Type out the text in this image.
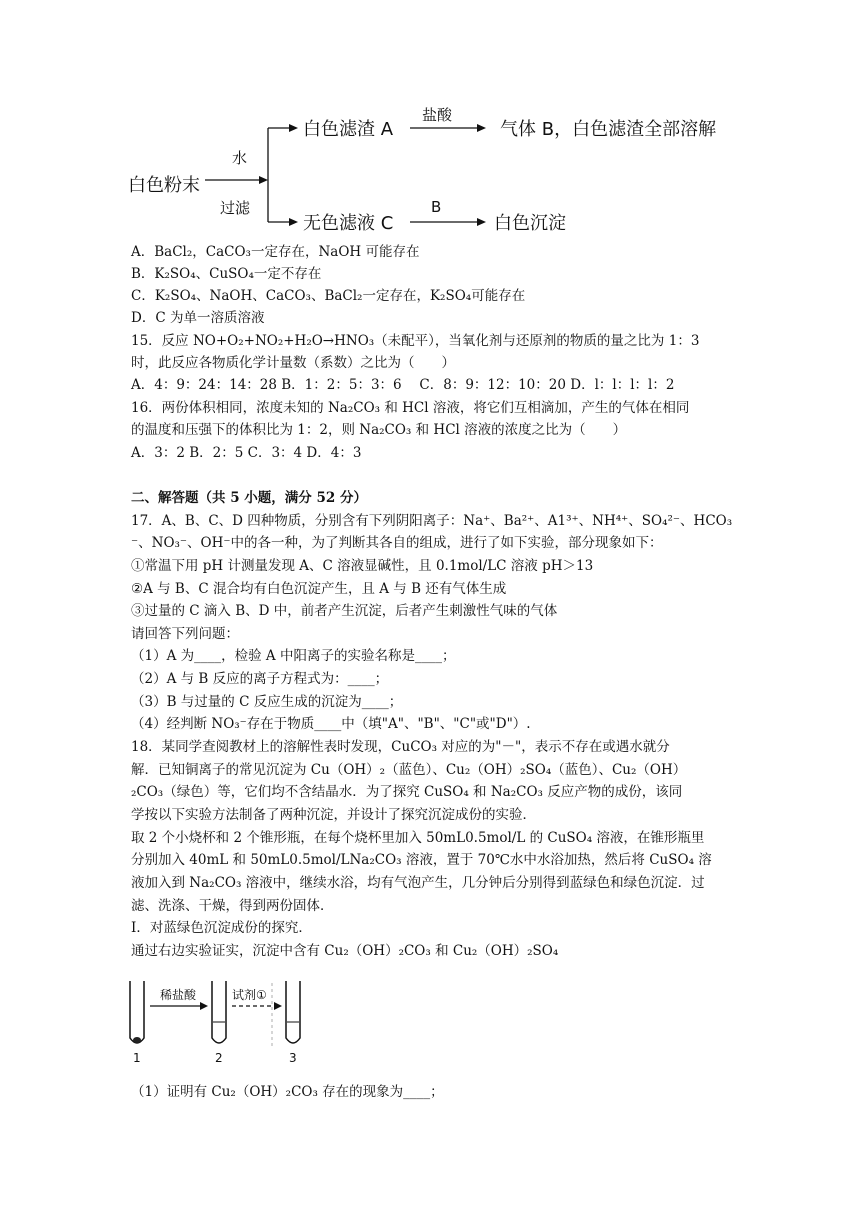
白色粉末
水
过滤
白色滤渣 A
盐酸
气体 B，白色滤渣全部溶解
无色滤液 C
B
白色沉淀
A．BaCl₂，CaCO₃一定存在，NaOH 可能存在
B．K₂SO₄、CuSO₄一定不存在
C．K₂SO₄、NaOH、CaCO₃、BaCl₂一定存在，K₂SO₄可能存在
D．C 为单一溶质溶液
15．反应 NO+O₂+NO₂+H₂O→HNO₃（未配平），当氧化剂与还原剂的物质的量之比为 1：3
时，此反应各物质化学计量数（系数）之比为（　　）
A．4：9：24：14：28 B．1：2：5：3：6　 C．8：9：12：10：20 D．l：l：l：l：2
16．两份体积相同，浓度未知的 Na₂CO₃ 和 HCl 溶液，将它们互相滴加，产生的气体在相同
的温度和压强下的体积比为 1：2，则 Na₂CO₃ 和 HCl 溶液的浓度之比为（　　）
A．3：2 B．2：5 C．3：4 D．4：3
二、解答题（共 5 小题，满分 52 分）
17．A、B、C、D 四种物质，分别含有下列阴阳离子：Na⁺、Ba²⁺、A1³⁺、NH⁴⁺、SO₄²⁻、HCO₃
⁻、NO₃⁻、OH⁻中的各一种，为了判断其各自的组成，进行了如下实验，部分现象如下：
①常温下用 pH 计测量发现 A、C 溶液显碱性，且 0.1mol/LC 溶液 pH＞13
②A 与 B、C 混合均有白色沉淀产生，且 A 与 B 还有气体生成
③过量的 C 滴入 B、D 中，前者产生沉淀，后者产生刺激性气味的气体
请回答下列问题：
（1）A 为____，检验 A 中阳离子的实验名称是____；
（2）A 与 B 反应的离子方程式为：____；
（3）B 与过量的 C 反应生成的沉淀为____；
（4）经判断 NO₃⁻存在于物质____中（填"A"、"B"、"C"或"D"）.
18．某同学查阅教材上的溶解性表时发现，CuCO₃ 对应的为"－"，表示不存在或遇水就分
解．已知铜离子的常见沉淀为 Cu（OH）₂（蓝色）、Cu₂（OH）₂SO₄（蓝色）、Cu₂（OH）
₂CO₃（绿色）等，它们均不含结晶水．为了探究 CuSO₄ 和 Na₂CO₃ 反应产物的成份，该同
学按以下实验方法制备了两种沉淀，并设计了探究沉淀成份的实验．
取 2 个小烧杯和 2 个锥形瓶，在每个烧杯里加入 50mL0.5mol/L 的 CuSO₄ 溶液，在锥形瓶里
分别加入 40mL 和 50mL0.5mol/LNa₂CO₃ 溶液，置于 70℃水中水浴加热，然后将 CuSO₄ 溶
液加入到 Na₂CO₃ 溶液中，继续水浴，均有气泡产生，几分钟后分别得到蓝绿色和绿色沉淀．过
滤、洗涤、干燥，得到两份固体．
I．对蓝绿色沉淀成份的探究．
通过右边实验证实，沉淀中含有 Cu₂（OH）₂CO₃ 和 Cu₂（OH）₂SO₄
1
稀盐酸
2
试剂①
3
（1）证明有 Cu₂（OH）₂CO₃ 存在的现象为____；
